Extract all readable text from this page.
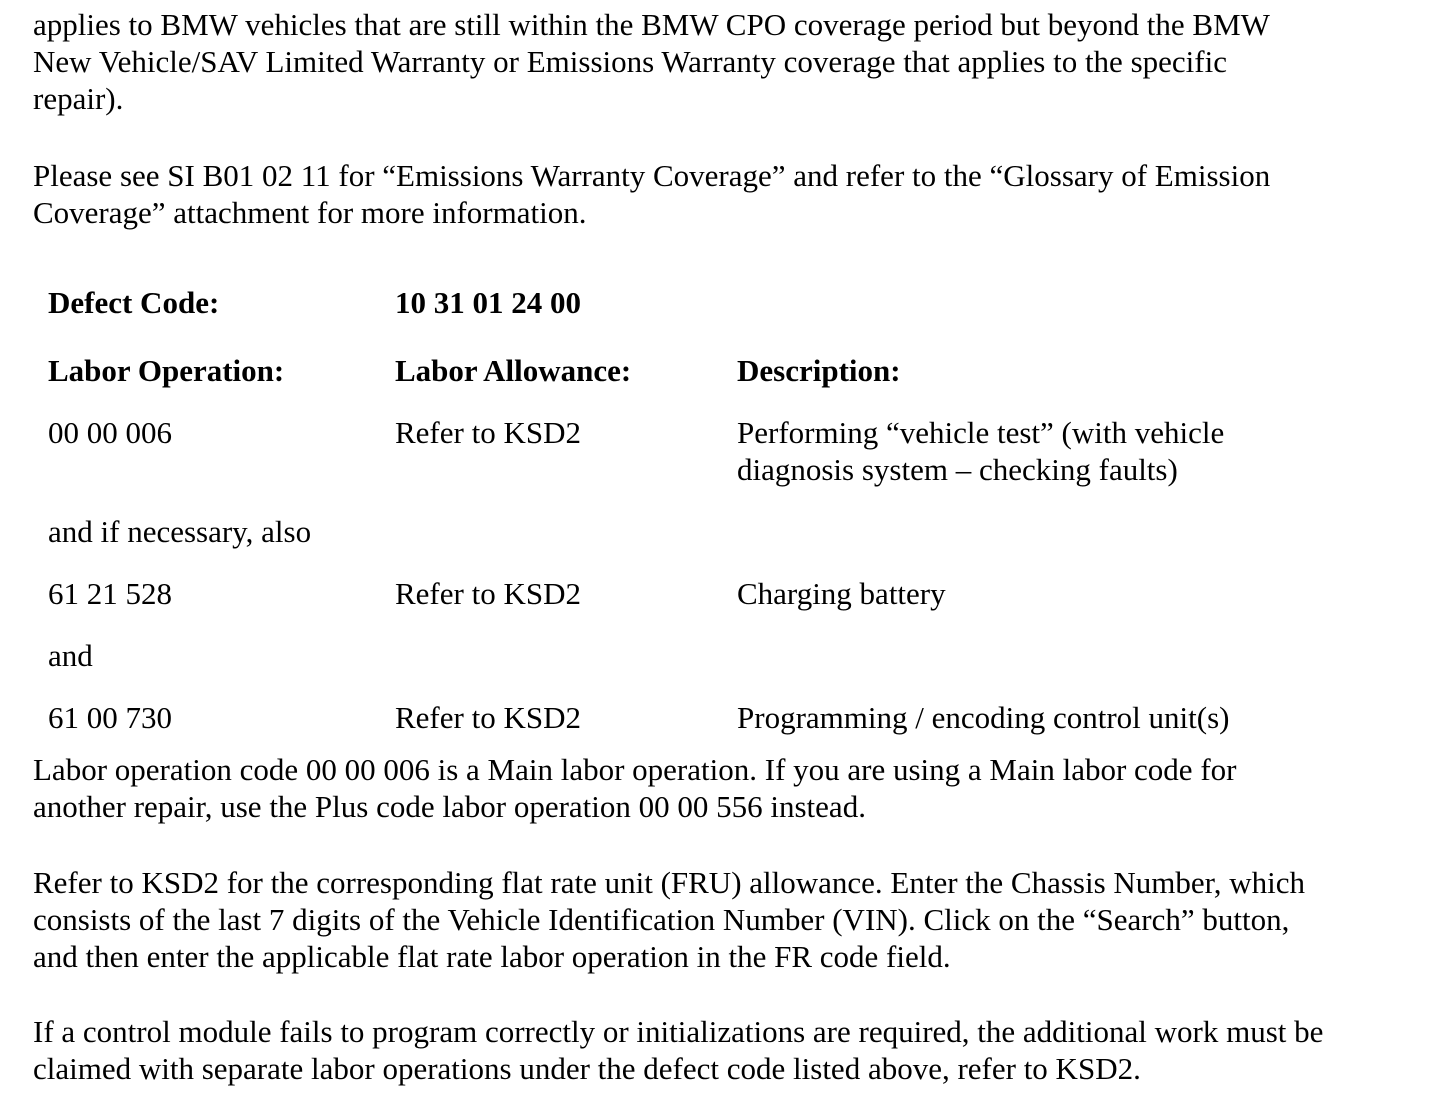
applies to BMW vehicles that are still within the BMW CPO coverage period but beyond the BMW
New Vehicle/SAV Limited Warranty or Emissions Warranty coverage that applies to the specific
repair).
Please see SI B01 02 11 for “Emissions Warranty Coverage” and refer to the “Glossary of Emission
Coverage” attachment for more information.
Defect Code:	10 31 01 24 00
Labor Operation:	Labor Allowance:	Description:
00 00 006	Refer to KSD2	Performing “vehicle test” (with vehicle
diagnosis system – checking faults)
and if necessary, also
61 21 528	Refer to KSD2	Charging battery
and
61 00 730	Refer to KSD2	Programming / encoding control unit(s)
Labor operation code 00 00 006 is a Main labor operation. If you are using a Main labor code for
another repair, use the Plus code labor operation 00 00 556 instead.
Refer to KSD2 for the corresponding flat rate unit (FRU) allowance. Enter the Chassis Number, which
consists of the last 7 digits of the Vehicle Identification Number (VIN). Click on the “Search” button,
and then enter the applicable flat rate labor operation in the FR code field.
If a control module fails to program correctly or initializations are required, the additional work must be
claimed with separate labor operations under the defect code listed above, refer to KSD2.
